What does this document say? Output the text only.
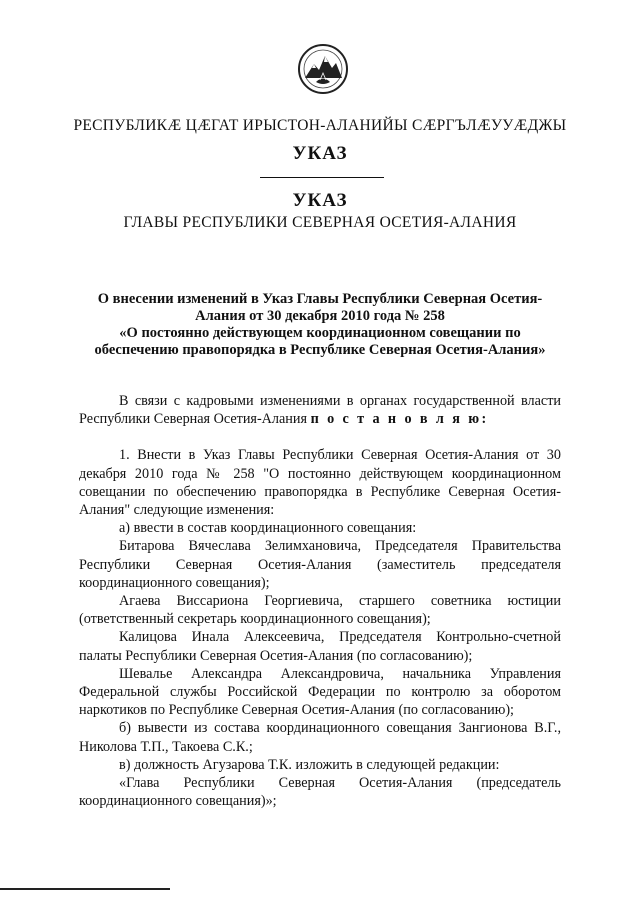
РЕСПУБЛИКÆ ЦÆГАТ ИРЫСТОН-АЛАНИЙЫ СÆРГЪЛÆУУÆДЖЫ
УКАЗ
УКАЗ
ГЛАВЫ РЕСПУБЛИКИ СЕВЕРНАЯ ОСЕТИЯ-АЛАНИЯ
О внесении изменений в Указ Главы Республики Северная Осетия-
Алания от 30 декабря 2010 года № 258
«О постоянно действующем координационном совещании по
обеспечению правопорядка в Республике Северная Осетия-Алания»

В связи с кадровыми изменениями в органах государственной власти Республики Северная Осетия-Алания п о с т а н о в л я ю:

1. Внести в Указ Главы Республики Северная Осетия-Алания от 30 декабря 2010 года № 258 "О постоянно действующем координационном совещании по обеспечению правопорядка в Республике Северная Осетия-Алания" следующие изменения:

а) ввести в состав координационного совещания:

Битарова Вячеслава Зелимхановича, Председателя Правительства Республики Северная Осетия-Алания (заместитель председателя координационного совещания);

Агаева Виссариона Георгиевича, старшего советника юстиции (ответственный секретарь координационного совещания);

Калицова Инала Алексеевича, Председателя Контрольно-счетной палаты Республики Северная Осетия-Алания (по согласованию);

Шевалье Александра Александровича, начальника Управления Федеральной службы Российской Федерации по контролю за оборотом наркотиков по Республике Северная Осетия-Алания (по согласованию);

б) вывести из состава координационного совещания Зангионова В.Г., Николова Т.П., Такоева С.К.;

в) должность Агузарова Т.К. изложить в следующей редакции:

«Глава Республики Северная Осетия-Алания (председатель координационного совещания)»;
